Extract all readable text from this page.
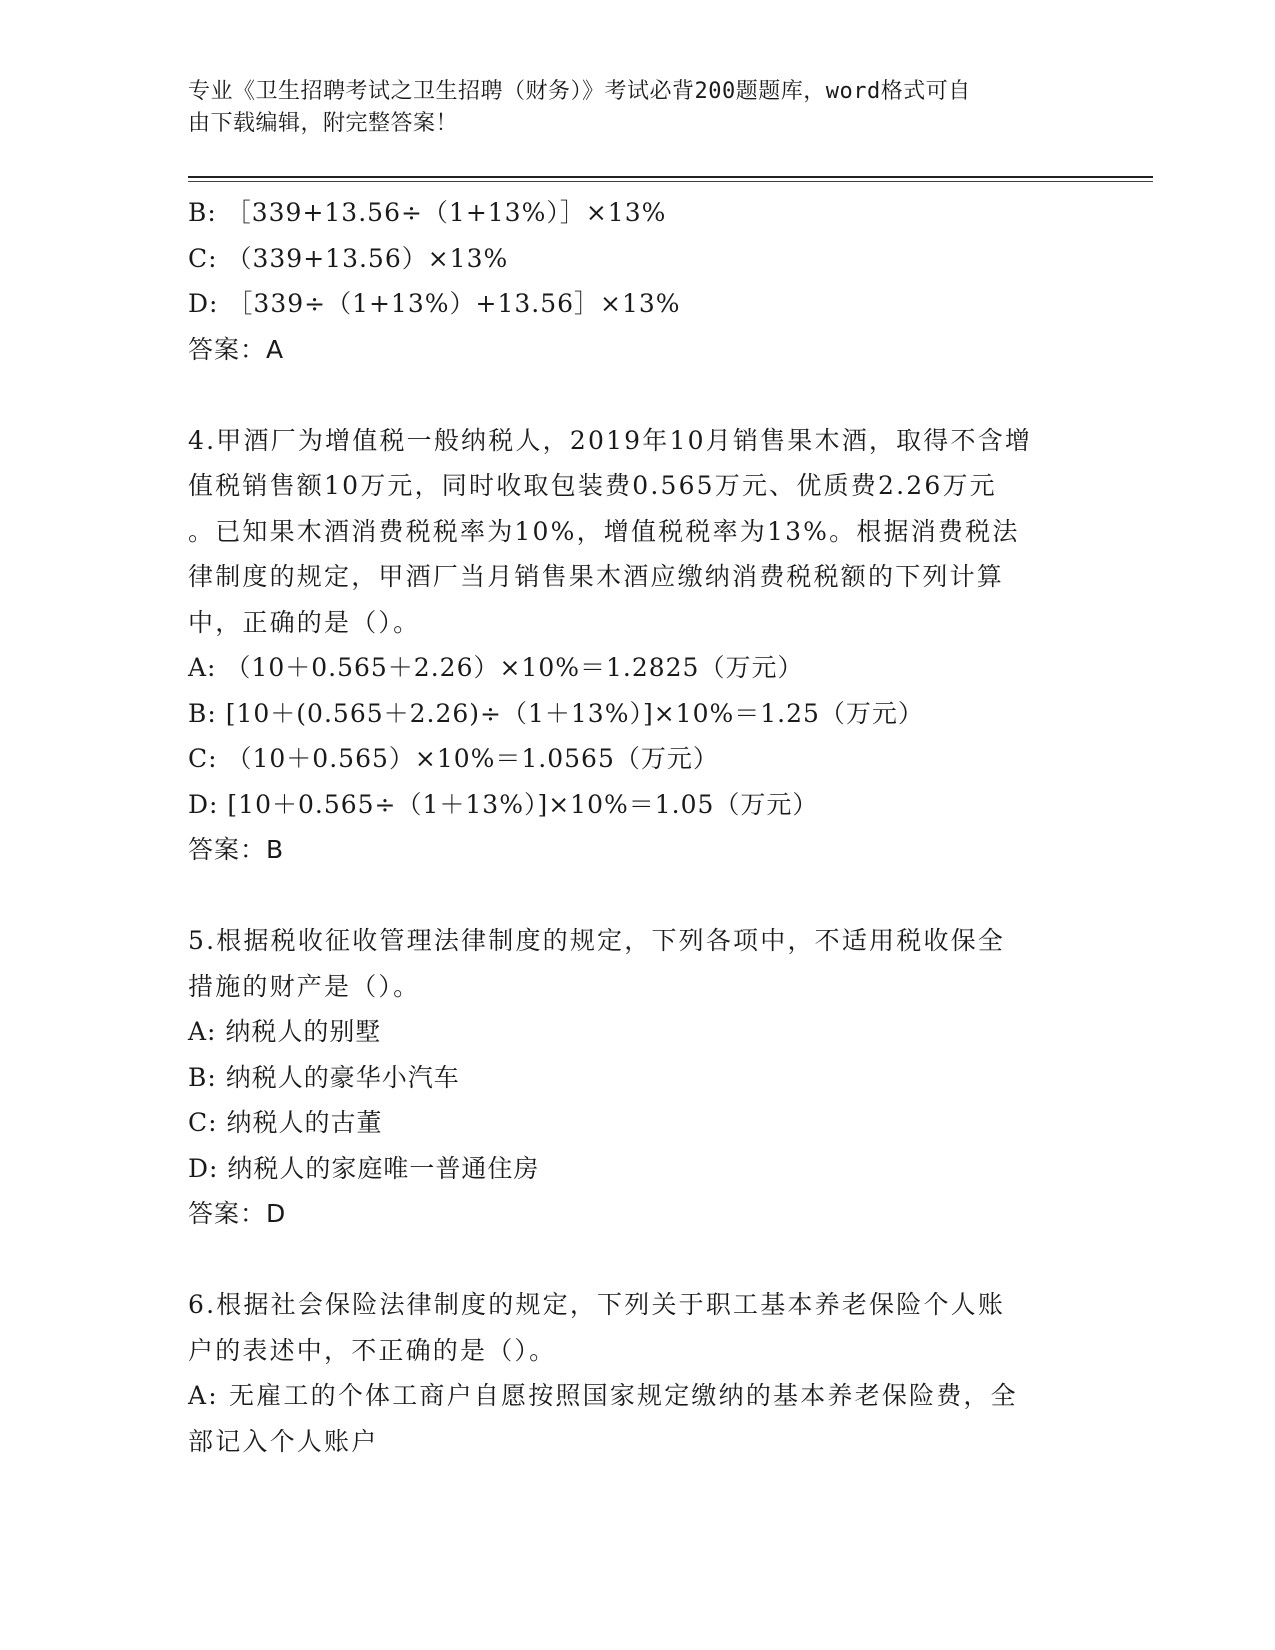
专业《卫生招聘考试之卫生招聘（财务）》考试必背200题题库，word格式可自
由下载编辑，附完整答案！
B: ［339+13.56÷（1+13%）］×13%
C: （339+13.56）×13%
D: ［339÷（1+13%）+13.56］×13%
答案：A
4.甲酒厂为增值税一般纳税人，2019年10月销售果木酒，取得不含增
值税销售额10万元，同时收取包装费0.565万元、优质费2.26万元
。已知果木酒消费税税率为10%，增值税税率为13%。根据消费税法
律制度的规定，甲酒厂当月销售果木酒应缴纳消费税税额的下列计算
中，正确的是（）。
A: （10＋0.565＋2.26）×10%＝1.2825（万元）
B: [10＋(0.565＋2.26)÷（1＋13%）]×10%＝1.25（万元）
C: （10＋0.565）×10%＝1.0565（万元）
D: [10＋0.565÷（1＋13%）]×10%＝1.05（万元）
答案：B
5.根据税收征收管理法律制度的规定，下列各项中，不适用税收保全
措施的财产是（）。
A: 纳税人的别墅
B: 纳税人的豪华小汽车
C: 纳税人的古董
D: 纳税人的家庭唯一普通住房
答案：D
6.根据社会保险法律制度的规定，下列关于职工基本养老保险个人账
户的表述中，不正确的是（）。
A: 无雇工的个体工商户自愿按照国家规定缴纳的基本养老保险费，全
部记入个人账户
